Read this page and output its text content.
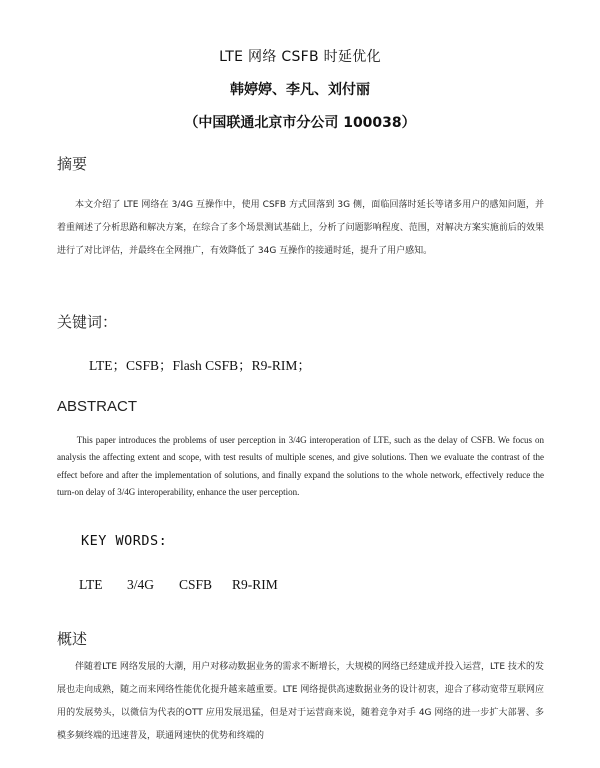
LTE 网络 CSFB 时延优化
韩婷婷、李凡、刘付丽
（中国联通北京市分公司 100038）
摘要
本文介绍了 LTE 网络在 3/4G 互操作中，使用 CSFB 方式回落到 3G 侧，面临回落时延长等诸多用户的感知问题，并着重阐述了分析思路和解决方案，在综合了多个场景测试基础上，分析了问题影响程度、范围，对解决方案实施前后的效果进行了对比评估，并最终在全网推广，有效降低了 34G 互操作的接通时延，提升了用户感知。
关键词：
LTE；CSFB；Flash CSFB；R9-RIM；
ABSTRACT
This paper introduces the problems of user perception in 3/4G interoperation of LTE, such as the delay of CSFB. We focus on analysis the affecting extent and scope, with test results of multiple scenes, and give solutions. Then we evaluate the contrast of the effect before and after the implementation of solutions, and finally expand the solutions to the whole network, effectively reduce the turn-on delay of 3/4G interoperability, enhance the user perception.
KEY WORDS:
LTE 3/4G CSFB R9-RIM
概述
伴随着LTE 网络发展的大潮，用户对移动数据业务的需求不断增长，大规模的网络已经建成并投入运营，LTE 技术的发展也走向成熟，随之而来网络性能优化提升越来越重要。LTE 网络提供高速数据业务的设计初衷，迎合了移动宽带互联网应用的发展势头，以微信为代表的OTT 应用发展迅猛，但是对于运营商来说，随着竞争对手 4G 网络的进一步扩大部署、多模多频终端的迅速普及，联通网速快的优势和终端的
